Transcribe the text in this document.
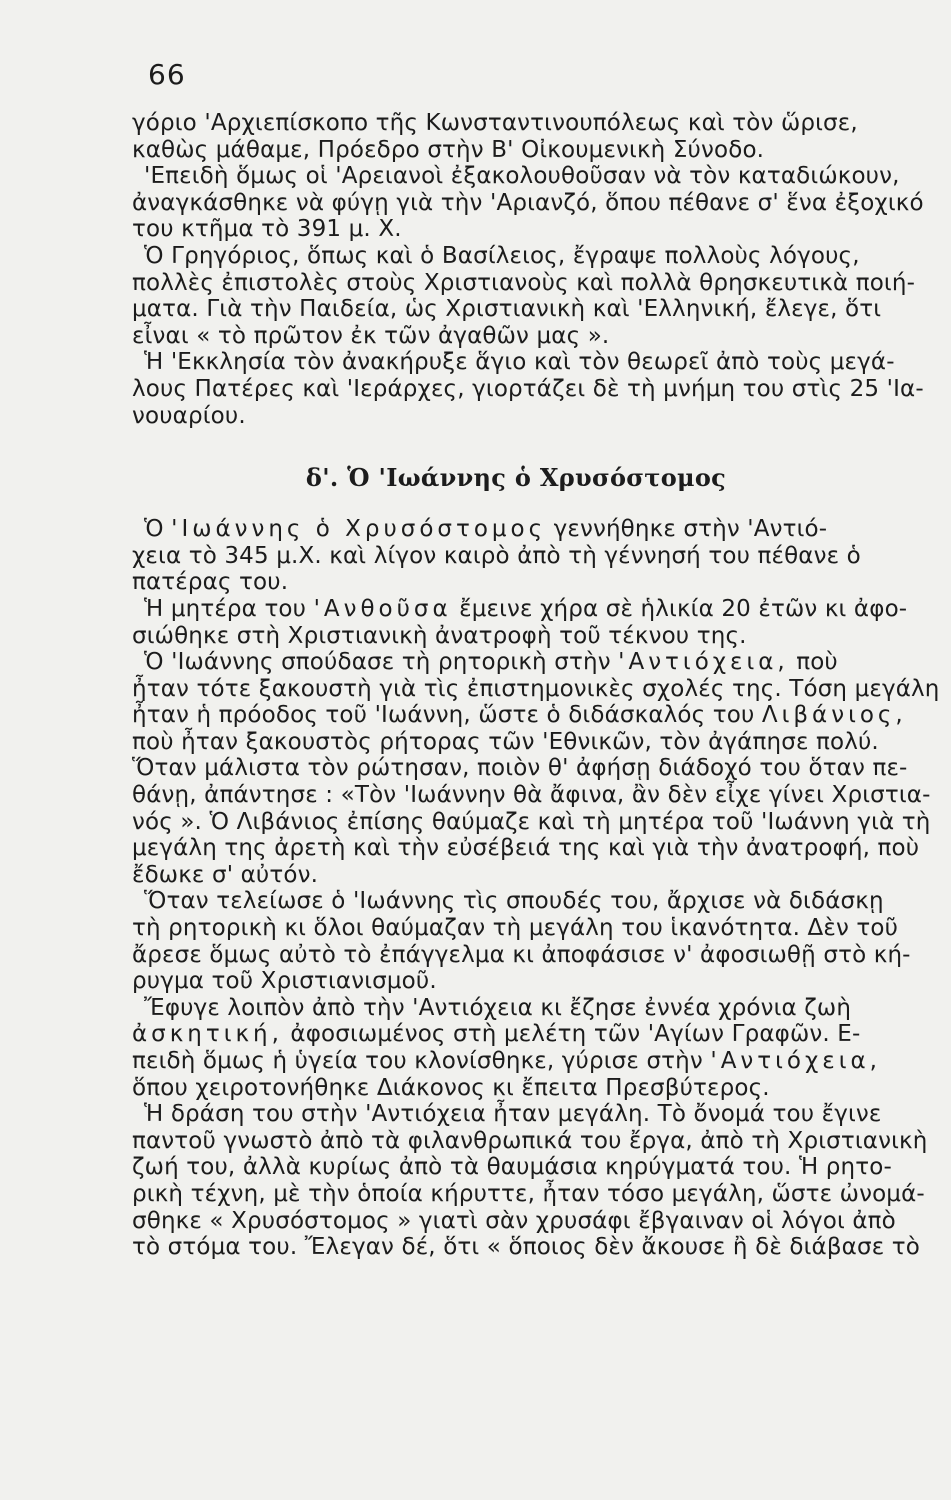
66
γόριο 'Αρχιεπίσκοπο τῆς Κωνσταντινουπόλεως καὶ τὸν ὥρισε,
καθὼς μάθαμε, Πρόεδρο στὴν Β' Οἰκουμενικὴ Σύνοδο.
'Επειδὴ ὅμως οἱ 'Αρειανοὶ ἐξακολουθοῦσαν νὰ τὸν καταδιώκουν,
ἀναγκάσθηκε νὰ φύγῃ γιὰ τὴν 'Αριανζό, ὅπου πέθανε σ' ἕνα ἐξοχικό
του κτῆμα τὸ 391 μ. Χ.
Ὁ Γρηγόριος, ὅπως καὶ ὁ Βασίλειος, ἔγραψε πολλοὺς λόγους,
πολλὲς ἐπιστολὲς στοὺς Χριστιανοὺς καὶ πολλὰ θρησκευτικὰ ποιή-
ματα. Γιὰ τὴν Παιδεία, ὡς Χριστιανικὴ καὶ 'Ελληνική, ἔλεγε, ὅτι
εἶναι « τὸ πρῶτον ἐκ τῶν ἀγαθῶν μας ».
Ἡ 'Εκκλησία τὸν ἀνακήρυξε ἅγιο καὶ τὸν θεωρεῖ ἀπὸ τοὺς μεγά-
λους Πατέρες καὶ 'Ιεράρχες, γιορτάζει δὲ τὴ μνήμη του στὶς 25 'Ια-
νουαρίου.
δ'. Ὁ 'Ιωάννης ὁ Χρυσόστομος
Ὁ 'Ιωάννης ὁ Χρυσόστομος γεννήθηκε στὴν 'Αντιό-
χεια τὸ 345 μ.Χ. καὶ λίγον καιρὸ ἀπὸ τὴ γέννησή του πέθανε ὁ
πατέρας του.
Ἡ μητέρα του 'Ανθοῦσα ἔμεινε χήρα σὲ ἡλικία 20 ἐτῶν κι ἀφο-
σιώθηκε στὴ Χριστιανικὴ ἀνατροφὴ τοῦ τέκνου της.
Ὁ 'Ιωάννης σπούδασε τὴ ρητορικὴ στὴν 'Αντιόχεια, ποὺ
ἦταν τότε ξακουστὴ γιὰ τὶς ἐπιστημονικὲς σχολές της. Τόση μεγάλη
ἦταν ἡ πρόοδος τοῦ 'Ιωάννη, ὥστε ὁ διδάσκαλός του Λιβάνιος,
ποὺ ἦταν ξακουστὸς ρήτορας τῶν 'Εθνικῶν, τὸν ἀγάπησε πολύ.
Ὅταν μάλιστα τὸν ρώτησαν, ποιὸν θ' ἀφήσῃ διάδοχό του ὅταν πε-
θάνῃ, ἀπάντησε : «Τὸν 'Ιωάννην θὰ ἄφινα, ἂν δὲν εἶχε γίνει Χριστια-
νός ». Ὁ Λιβάνιος ἐπίσης θαύμαζε καὶ τὴ μητέρα τοῦ 'Ιωάννη γιὰ τὴ
μεγάλη της ἀρετὴ καὶ τὴν εὐσέβειά της καὶ γιὰ τὴν ἀνατροφή, ποὺ
ἔδωκε σ' αὐτόν.
Ὅταν τελείωσε ὁ 'Ιωάννης τὶς σπουδές του, ἄρχισε νὰ διδάσκῃ
τὴ ρητορικὴ κι ὅλοι θαύμαζαν τὴ μεγάλη του ἱκανότητα. Δὲν τοῦ
ἄρεσε ὅμως αὐτὸ τὸ ἐπάγγελμα κι ἀποφάσισε ν' ἀφοσιωθῇ στὸ κή-
ρυγμα τοῦ Χριστιανισμοῦ.
Ἔφυγε λοιπὸν ἀπὸ τὴν 'Αντιόχεια κι ἔζησε ἐννέα χρόνια ζωὴ
ἀσκητική, ἀφοσιωμένος στὴ μελέτη τῶν 'Αγίων Γραφῶν. Ε-
πειδὴ ὅμως ἡ ὑγεία του κλονίσθηκε, γύρισε στὴν 'Αντιόχεια,
ὅπου χειροτονήθηκε Διάκονος κι ἔπειτα Πρεσβύτερος.
Ἡ δράση του στὴν 'Αντιόχεια ἦταν μεγάλη. Τὸ ὄνομά του ἔγινε
παντοῦ γνωστὸ ἀπὸ τὰ φιλανθρωπικά του ἔργα, ἀπὸ τὴ Χριστιανικὴ
ζωή του, ἀλλὰ κυρίως ἀπὸ τὰ θαυμάσια κηρύγματά του. Ἡ ρητο-
ρικὴ τέχνη, μὲ τὴν ὁποία κήρυττε, ἦταν τόσο μεγάλη, ὥστε ὠνομά-
σθηκε « Χρυσόστομος » γιατὶ σὰν χρυσάφι ἔβγαιναν οἱ λόγοι ἀπὸ
τὸ στόμα του. Ἔλεγαν δέ, ὅτι « ὅποιος δὲν ἄκουσε ἢ δὲ διάβασε τὸ
